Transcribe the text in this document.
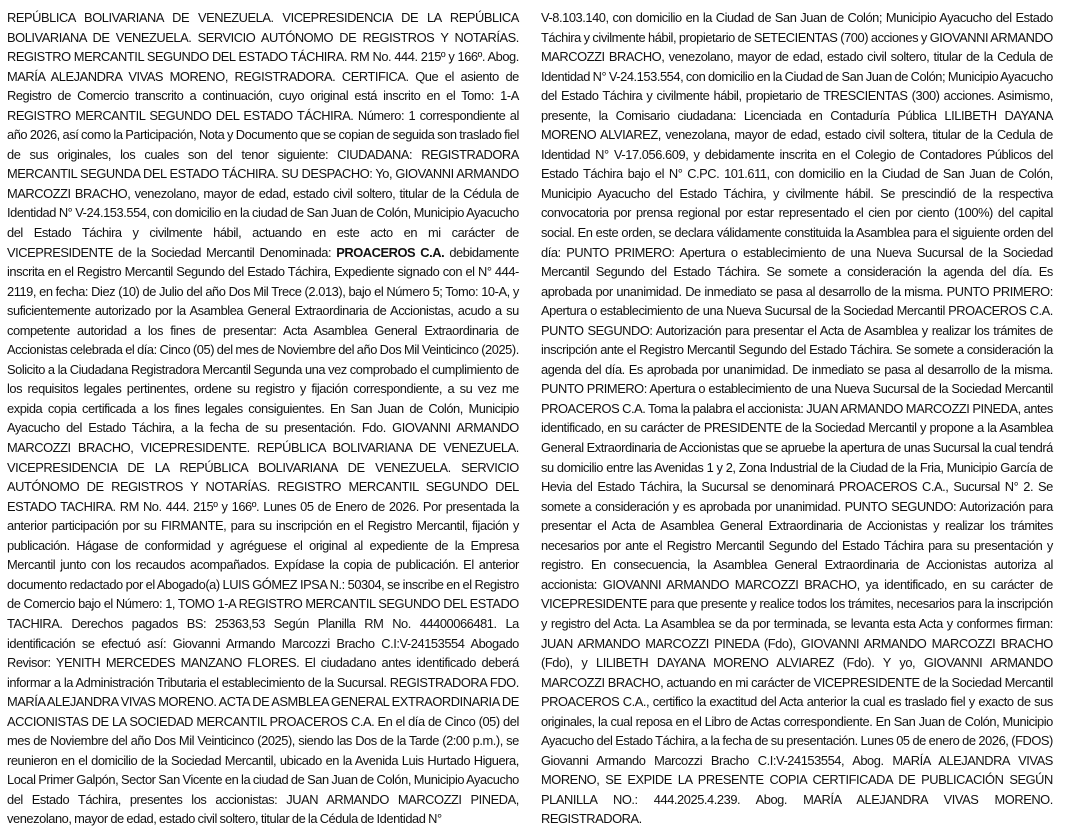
REPÚBLICA BOLIVARIANA DE VENEZUELA. VICEPRESIDENCIA DE LA REPÚBLICA BOLIVARIANA DE VENEZUELA. SERVICIO AUTÓNOMO DE REGISTROS Y NOTARÍAS. REGISTRO MERCANTIL SEGUNDO DEL ESTADO TÁCHIRA. RM No. 444. 215º y 166º. Abog. MARÍA ALEJANDRA VIVAS MORENO, REGISTRADORA. CERTIFICA. Que el asiento de Registro de Comercio transcrito a continuación, cuyo original está inscrito en el Tomo: 1-A REGISTRO MERCANTIL SEGUNDO DEL ESTADO TÁCHIRA. Número: 1 correspondiente al año 2026, así como la Participación, Nota y Documento que se copian de seguida son traslado fiel de sus originales, los cuales son del tenor siguiente: CIUDADANA: REGISTRADORA MERCANTIL SEGUNDA DEL ESTADO TÁCHIRA. SU DESPACHO: Yo, GIOVANNI ARMANDO MARCOZZI BRACHO, venezolano, mayor de edad, estado civil soltero, titular de la Cédula de Identidad N° V-24.153.554, con domicilio en la ciudad de San Juan de Colón, Municipio Ayacucho del Estado Táchira y civilmente hábil, actuando en este acto en mi carácter de VICEPRESIDENTE de la Sociedad Mercantil Denominada: PROACEROS C.A. debidamente inscrita en el Registro Mercantil Segundo del Estado Táchira, Expediente signado con el N° 444-2119, en fecha: Diez (10) de Julio del año Dos Mil Trece (2.013), bajo el Número 5; Tomo: 10-A, y suficientemente autorizado por la Asamblea General Extraordinaria de Accionistas, acudo a su competente autoridad a los fines de presentar: Acta Asamblea General Extraordinaria de Accionistas celebrada el día: Cinco (05) del mes de Noviembre del año Dos Mil Veinticinco (2025). Solicito a la Ciudadana Registradora Mercantil Segunda una vez comprobado el cumplimiento de los requisitos legales pertinentes, ordene su registro y fijación correspondiente, a su vez me expida copia certificada a los fines legales consiguientes. En San Juan de Colón, Municipio Ayacucho del Estado Táchira, a la fecha de su presentación. Fdo. GIOVANNI ARMANDO MARCOZZI BRACHO, VICEPRESIDENTE. REPÚBLICA BOLIVARIANA DE VENEZUELA. VICEPRESIDENCIA DE LA REPÚBLICA BOLIVARIANA DE VENEZUELA. SERVICIO AUTÓNOMO DE REGISTROS Y NOTARÍAS. REGISTRO MERCANTIL SEGUNDO DEL ESTADO TACHIRA. RM No. 444. 215º y 166º. Lunes 05 de Enero de 2026. Por presentada la anterior participación por su FIRMANTE, para su inscripción en el Registro Mercantil, fijación y publicación. Hágase de conformidad y agréguese el original al expediente de la Empresa Mercantil junto con los recaudos acompañados. Expídase la copia de publicación. El anterior documento redactado por el Abogado(a) LUIS GÓMEZ IPSA N.: 50304, se inscribe en el Registro de Comercio bajo el Número: 1, TOMO 1-A REGISTRO MERCANTIL SEGUNDO DEL ESTADO TACHIRA. Derechos pagados BS: 25363,53 Según Planilla RM No. 44400066481. La identificación se efectuó así: Giovanni Armando Marcozzi Bracho C.I:V-24153554 Abogado Revisor: YENITH MERCEDES MANZANO FLORES. El ciudadano antes identificado deberá informar a la Administración Tributaria el establecimiento de la Sucursal. REGISTRADORA FDO. MARÍA ALEJANDRA VIVAS MORENO. ACTA DE ASMBLEA GENERAL EXTRAORDINARIA DE ACCIONISTAS DE LA SOCIEDAD MERCANTIL PROACEROS C.A. En el día de Cinco (05) del mes de Noviembre del año Dos Mil Veinticinco (2025), siendo las Dos de la Tarde (2:00 p.m.), se reunieron en el domicilio de la Sociedad Mercantil, ubicado en la Avenida Luis Hurtado Higuera, Local Primer Galpón, Sector San Vicente en la ciudad de San Juan de Colón, Municipio Ayacucho del Estado Táchira, presentes los accionistas: JUAN ARMANDO MARCOZZI PINEDA, venezolano, mayor de edad, estado civil soltero, titular de la Cédula de Identidad N°

V-8.103.140, con domicilio en la Ciudad de San Juan de Colón; Municipio Ayacucho del Estado Táchira y civilmente hábil, propietario de SETECIENTAS (700) acciones y GIOVANNI ARMANDO MARCOZZI BRACHO, venezolano, mayor de edad, estado civil soltero, titular de la Cedula de Identidad N° V-24.153.554, con domicilio en la Ciudad de San Juan de Colón; Municipio Ayacucho del Estado Táchira y civilmente hábil, propietario de TRESCIENTAS (300) acciones. Asimismo, presente, la Comisario ciudadana: Licenciada en Contaduría Pública LILIBETH DAYANA MORENO ALVIAREZ, venezolana, mayor de edad, estado civil soltera, titular de la Cedula de Identidad N° V-17.056.609, y debidamente inscrita en el Colegio de Contadores Públicos del Estado Táchira bajo el N° C.PC. 101.611, con domicilio en la Ciudad de San Juan de Colón, Municipio Ayacucho del Estado Táchira, y civilmente hábil. Se prescindió de la respectiva convocatoria por prensa regional por estar representado el cien por ciento (100%) del capital social. En este orden, se declara válidamente constituida la Asamblea para el siguiente orden del día: PUNTO PRIMERO: Apertura o establecimiento de una Nueva Sucursal de la Sociedad Mercantil Segundo del Estado Táchira. Se somete a consideración la agenda del día. Es aprobada por unanimidad. De inmediato se pasa al desarrollo de la misma. PUNTO PRIMERO: Apertura o establecimiento de una Nueva Sucursal de la Sociedad Mercantil PROACEROS C.A. PUNTO SEGUNDO: Autorización para presentar el Acta de Asamblea y realizar los trámites de inscripción ante el Registro Mercantil Segundo del Estado Táchira. Se somete a consideración la agenda del día. Es aprobada por unanimidad. De inmediato se pasa al desarrollo de la misma. PUNTO PRIMERO: Apertura o establecimiento de una Nueva Sucursal de la Sociedad Mercantil PROACEROS C.A. Toma la palabra el accionista: JUAN ARMANDO MARCOZZI PINEDA, antes identificado, en su carácter de PRESIDENTE de la Sociedad Mercantil y propone a la Asamblea General Extraordinaria de Accionistas que se apruebe la apertura de unas Sucursal la cual tendrá su domicilio entre las Avenidas 1 y 2, Zona Industrial de la Ciudad de la Fria, Municipio García de Hevia del Estado Táchira, la Sucursal se denominará PROACEROS C.A., Sucursal N° 2. Se somete a consideración y es aprobada por unanimidad. PUNTO SEGUNDO: Autorización para presentar el Acta de Asamblea General Extraordinaria de Accionistas y realizar los trámites necesarios por ante el Registro Mercantil Segundo del Estado Táchira para su presentación y registro. En consecuencia, la Asamblea General Extraordinaria de Accionistas autoriza al accionista: GIOVANNI ARMANDO MARCOZZI BRACHO, ya identificado, en su carácter de VICEPRESIDENTE para que presente y realice todos los trámites, necesarios para la inscripción y registro del Acta. La Asamblea se da por terminada, se levanta esta Acta y conformes firman: JUAN ARMANDO MARCOZZI PINEDA (Fdo), GIOVANNI ARMANDO MARCOZZI BRACHO (Fdo), y LILIBETH DAYANA MORENO ALVIAREZ (Fdo). Y yo, GIOVANNI ARMANDO MARCOZZI BRACHO, actuando en mi carácter de VICEPRESIDENTE de la Sociedad Mercantil PROACEROS C.A., certifico la exactitud del Acta anterior la cual es traslado fiel y exacto de sus originales, la cual reposa en el Libro de Actas correspondiente. En San Juan de Colón, Municipio Ayacucho del Estado Táchira, a la fecha de su presentación. Lunes 05 de enero de 2026, (FDOS) Giovanni Armando Marcozzi Bracho C.I:V-24153554, Abog. MARÍA ALEJANDRA VIVAS MORENO, SE EXPIDE LA PRESENTE COPIA CERTIFICADA DE PUBLICACIÓN SEGÚN PLANILLA NO.: 444.2025.4.239. Abog. MARÍA ALEJANDRA VIVAS MORENO. REGISTRADORA.
